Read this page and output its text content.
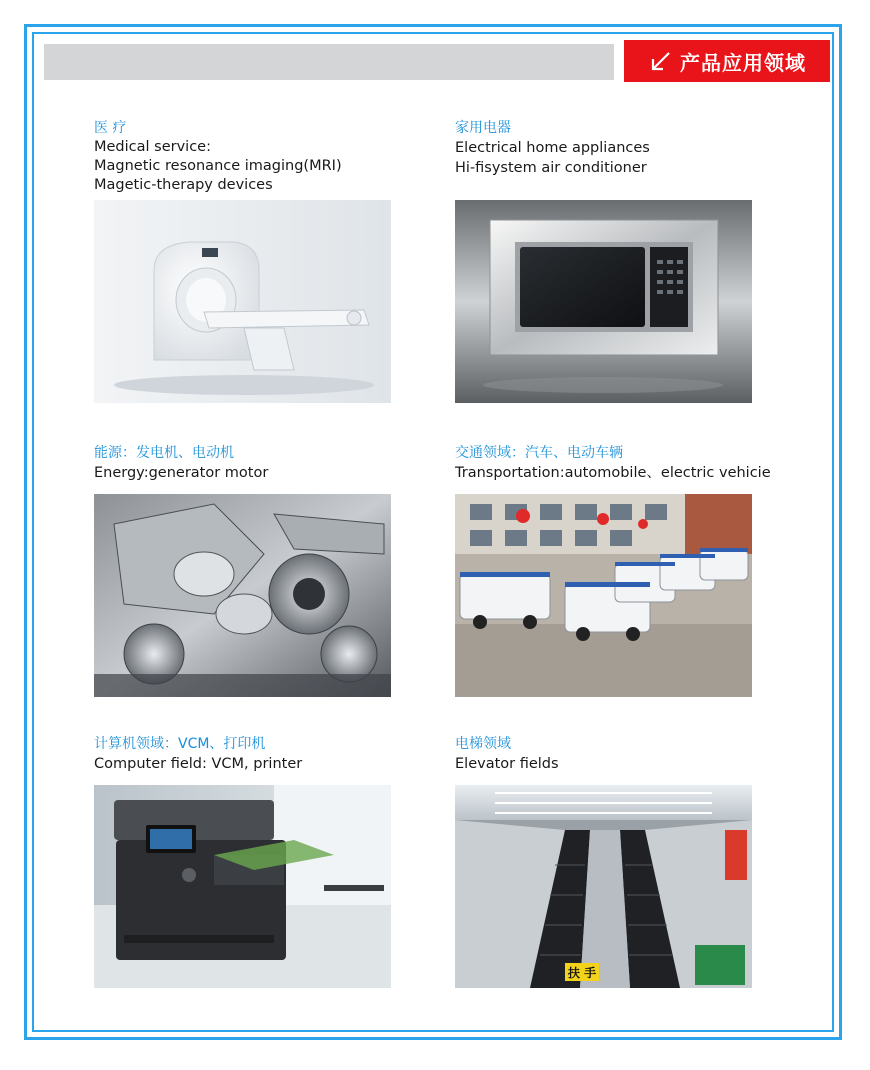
产品应用领域
医 疗
Medical service:
Magnetic resonance imaging(MRI)
Magetic-therapy devices
家用电器
Electrical home appliances
Hi-fisystem air conditioner
能源：发电机、电动机
Energy:generator motor
交通领域：汽车、电动车辆
Transportation:automobile、electric vehicie
计算机领域：VCM、打印机
Computer field: VCM, printer
电梯领域
Elevator fields
扶 手
